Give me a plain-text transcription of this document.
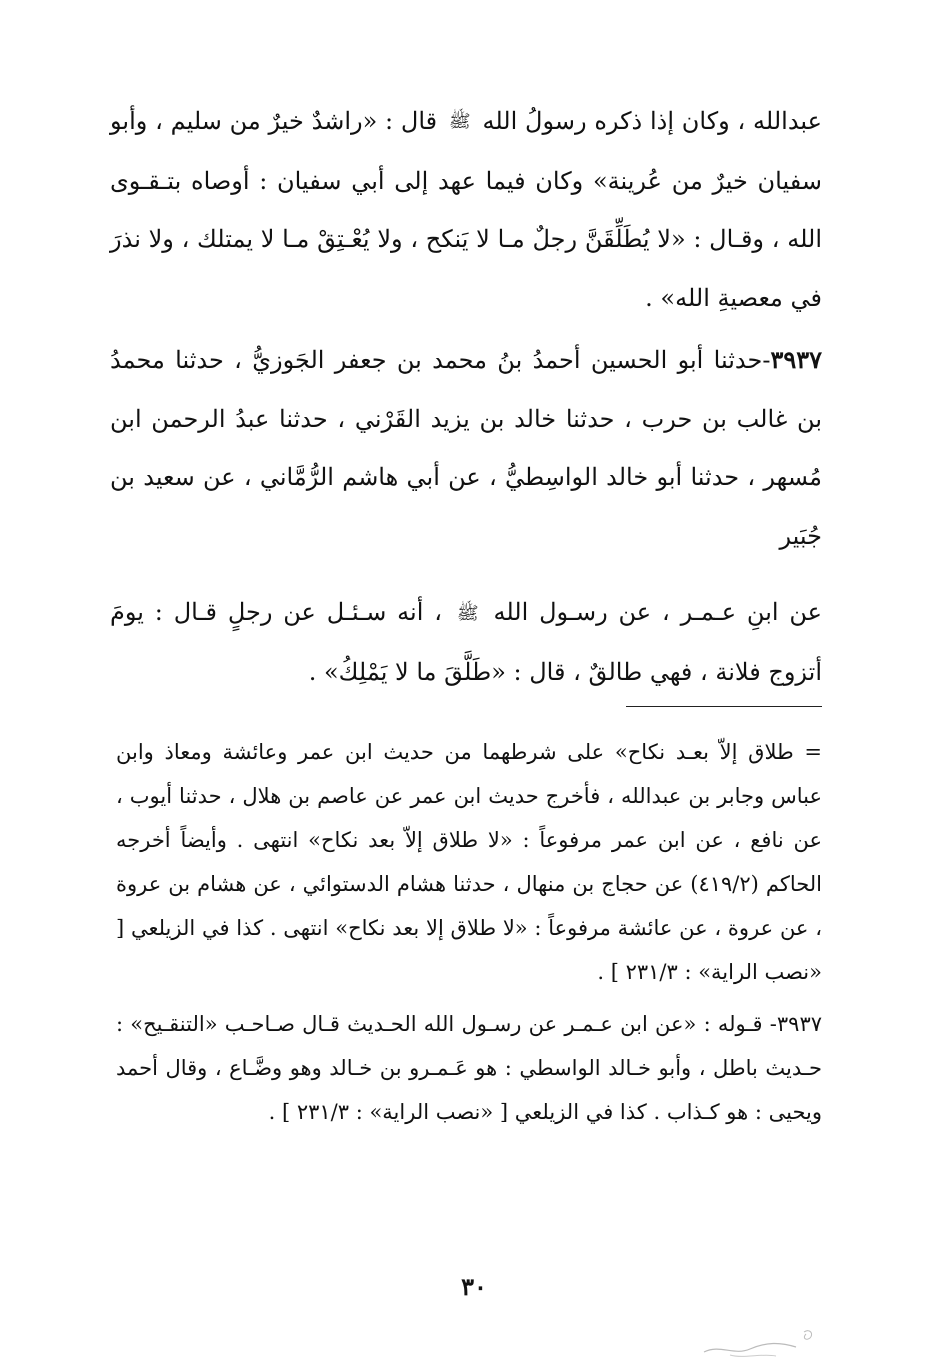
عبدالله ، وكان إذا ذكره رسولُ الله ﷺ قال : «راشدٌ خيرٌ من سليم ، وأبو سفيان خيرٌ من عُرينة» وكان فيما عهد إلى أبي سفيان : أوصاه بتـقـوى الله ، وقـال : «لا يُطَلِّقَنَّ رجلٌ مـا لا يَنكح ، ولا يُعْـتِقْ مـا لا يمتلك ، ولا نذرَ في معصيةِ الله» .

٣٩٣٧-حدثنا أبو الحسين أحمدُ بنُ محمد بن جعفر الجَوزيُّ ، حدثنا محمدُ بن غالب بن حرب ، حدثنا خالد بن يزيد القَرْني ، حدثنا عبدُ الرحمن ابن مُسهر ، حدثنا أبو خالد الواسِطيُّ ، عن أبي هاشم الرُّمَّاني ، عن سعيد بن جُبَير

عن ابنِ عـمـر ، عن رسـول الله ﷺ ، أنه سـئـل عن رجلٍ قـال : يومَ أتزوج فلانة ، فهي طالقٌ ، قال : «طَلَّقَ ما لا يَمْلِكُ» .

= طلاق إلاّ بعـد نكاح» على شرطهما من حديث ابن عمر وعائشة ومعاذ وابن عباس وجابر بن عبدالله ، فأخرج حديث ابن عمر عن عاصم بن هلال ، حدثنا أيوب ، عن نافع ، عن ابن عمر مرفوعاً : «لا طلاق إلاّ بعد نكاح» انتهى . وأيضاً أخرجه الحاكم (٤١٩/٢) عن حجاج بن منهال ، حدثنا هشام الدستوائي ، عن هشام بن عروة ، عن عروة ، عن عائشة مرفوعاً : «لا طلاق إلا بعد نكاح» انتهى . كذا في الزيلعي [ «نصب الراية» : ٢٣١/٣ ] .

٣٩٣٧- قـوله : «عن ابن عـمـر عن رسـول الله الحـديث قـال صـاحـب «التنقـيح» : حـديث باطل ، وأبو خـالد الواسطي : هو عَـمـرو بن خـالد وهو وضَّـاع ، وقال أحمد ويحيى : هو كـذاب . كذا في الزيلعي [ «نصب الراية» : ٢٣١/٣ ] .

٣٠
